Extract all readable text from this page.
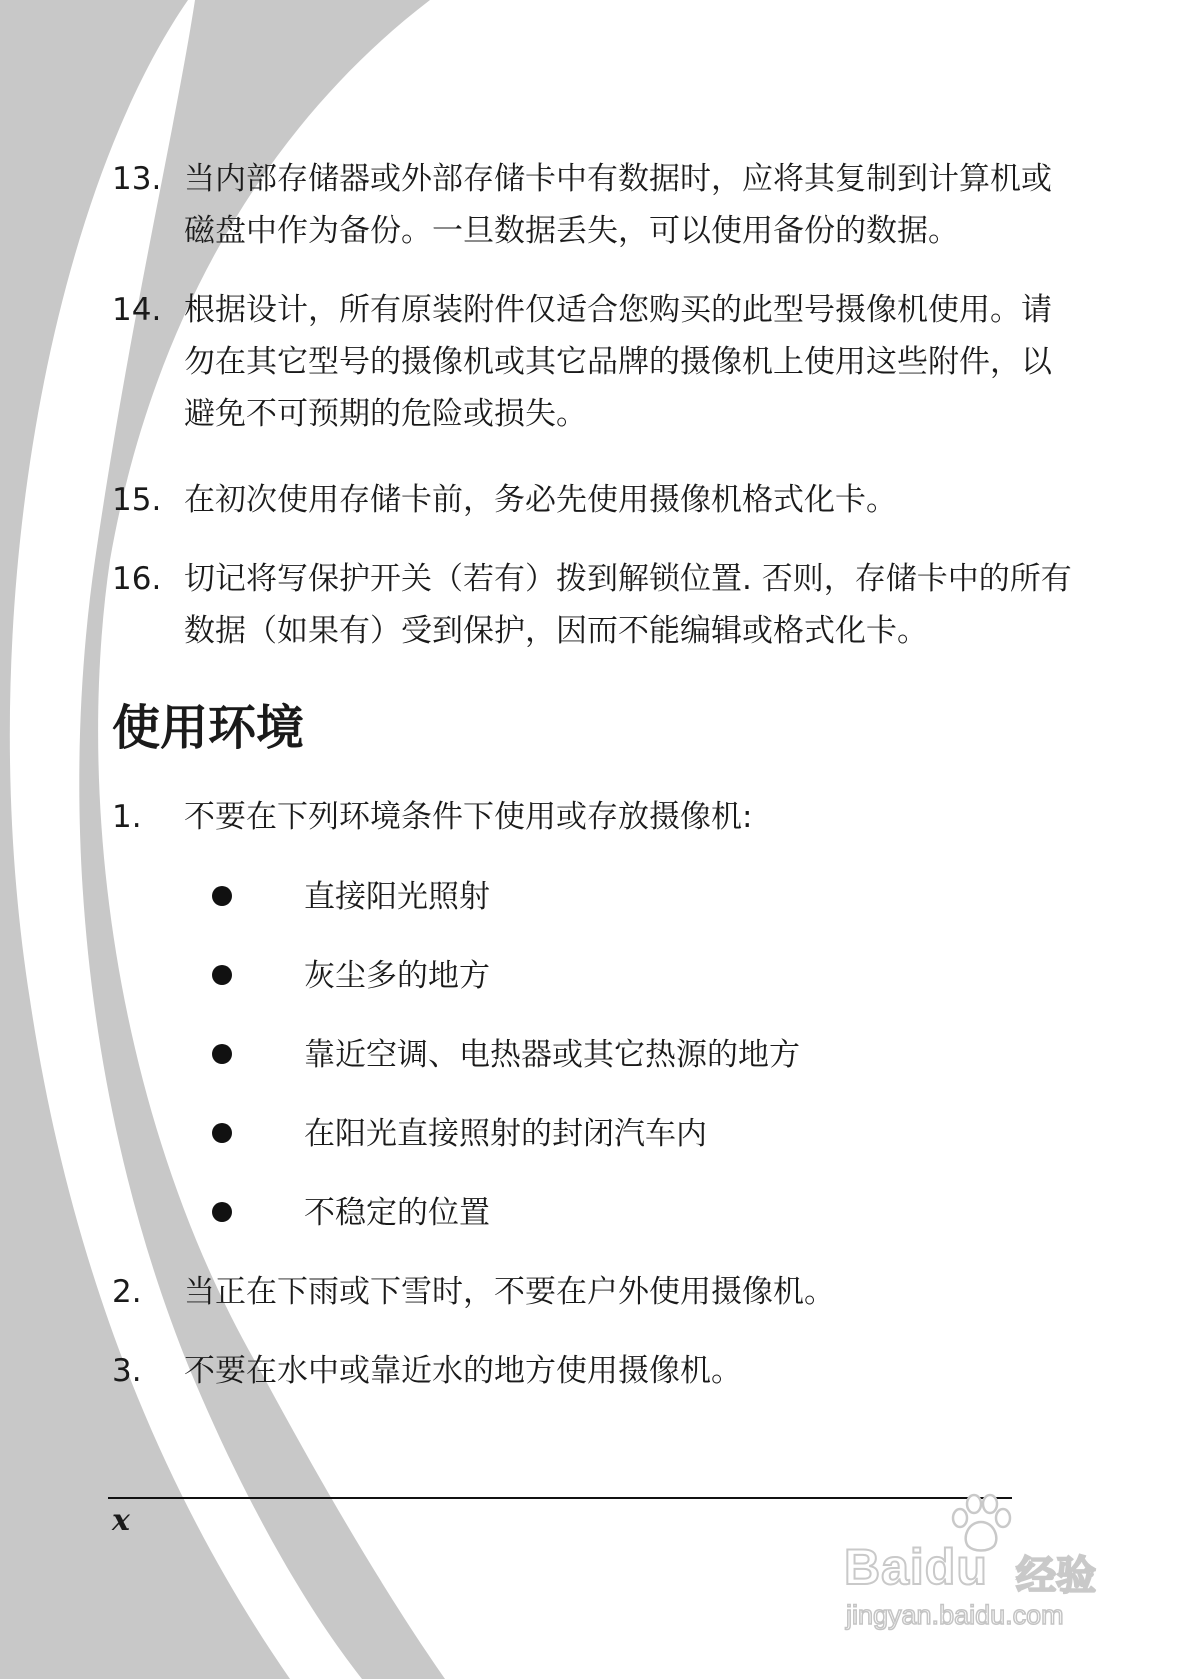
13. 当内部存储器或外部存储卡中有数据时，应将其复制到计算机或磁盘中作为备份。一旦数据丢失，可以使用备份的数据。
14. 根据设计，所有原装附件仅适合您购买的此型号摄像机使用。请勿在其它型号的摄像机或其它品牌的摄像机上使用这些附件，以避免不可预期的危险或损失。
15. 在初次使用存储卡前，务必先使用摄像机格式化卡。
16. 切记将写保护开关（若有）拨到解锁位置. 否则，存储卡中的所有数据（如果有）受到保护，因而不能编辑或格式化卡。
使用环境
1. 不要在下列环境条件下使用或存放摄像机:
直接阳光照射
灰尘多的地方
靠近空调、电热器或其它热源的地方
在阳光直接照射的封闭汽车内
不稳定的位置
2. 当正在下雨或下雪时，不要在户外使用摄像机。
3. 不要在水中或靠近水的地方使用摄像机。
x
Baidu 经验
jingyan.baidu.com
